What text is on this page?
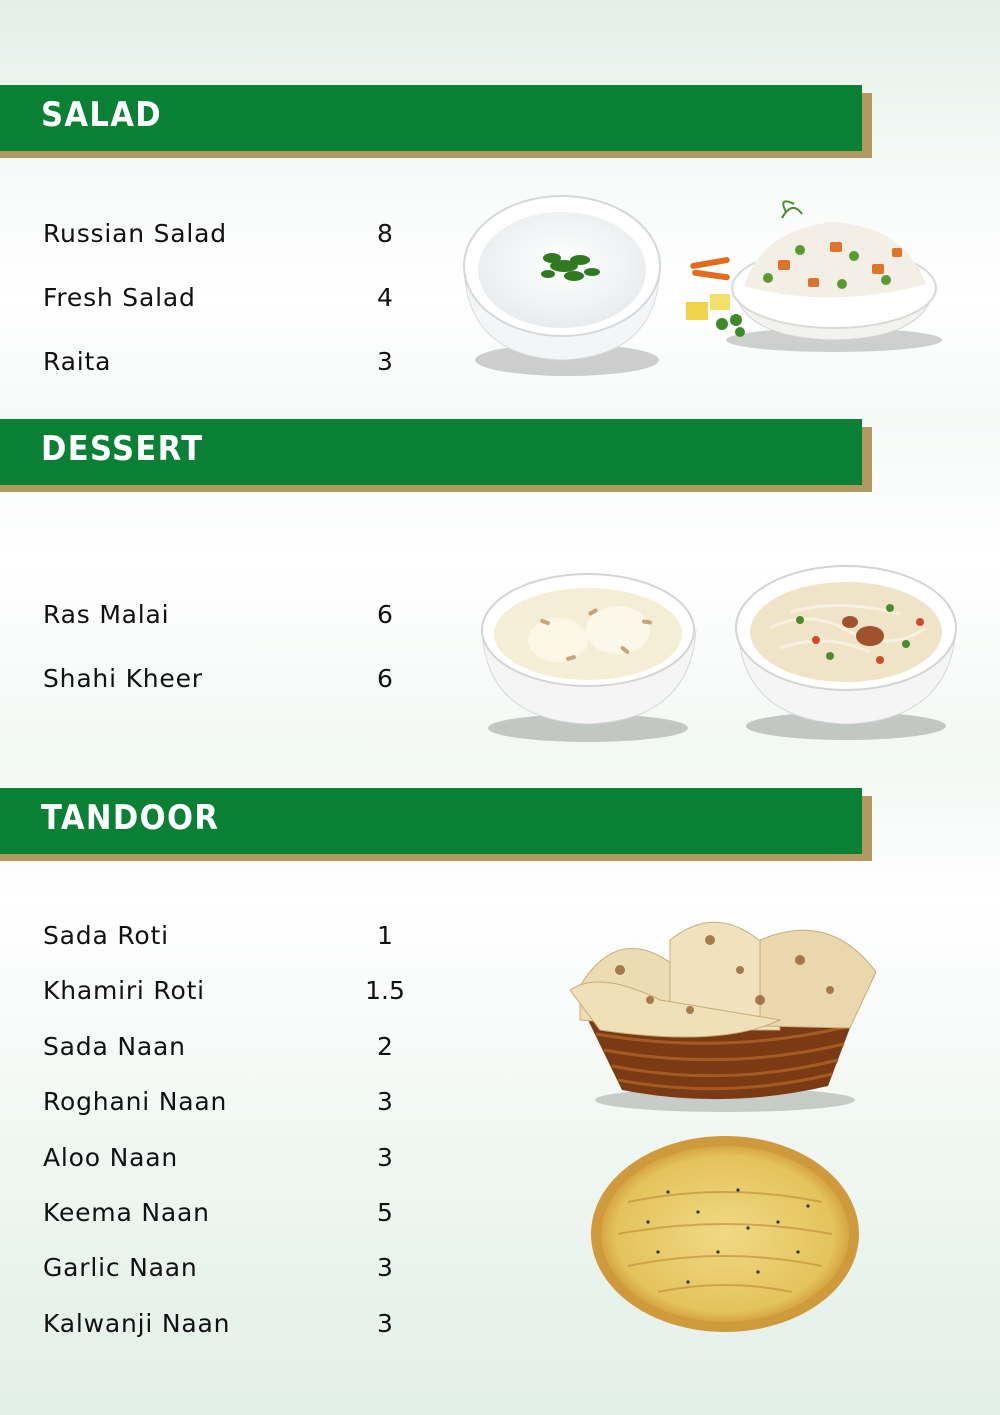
SALAD
Russian Salad	8
Fresh Salad	4
Raita	3
DESSERT
Ras Malai	6
Shahi Kheer	6
TANDOOR
Sada Roti	1
Khamiri Roti	1.5
Sada Naan	2
Roghani Naan	3
Aloo Naan	3
Keema Naan	5
Garlic Naan	3
Kalwanji Naan	3
